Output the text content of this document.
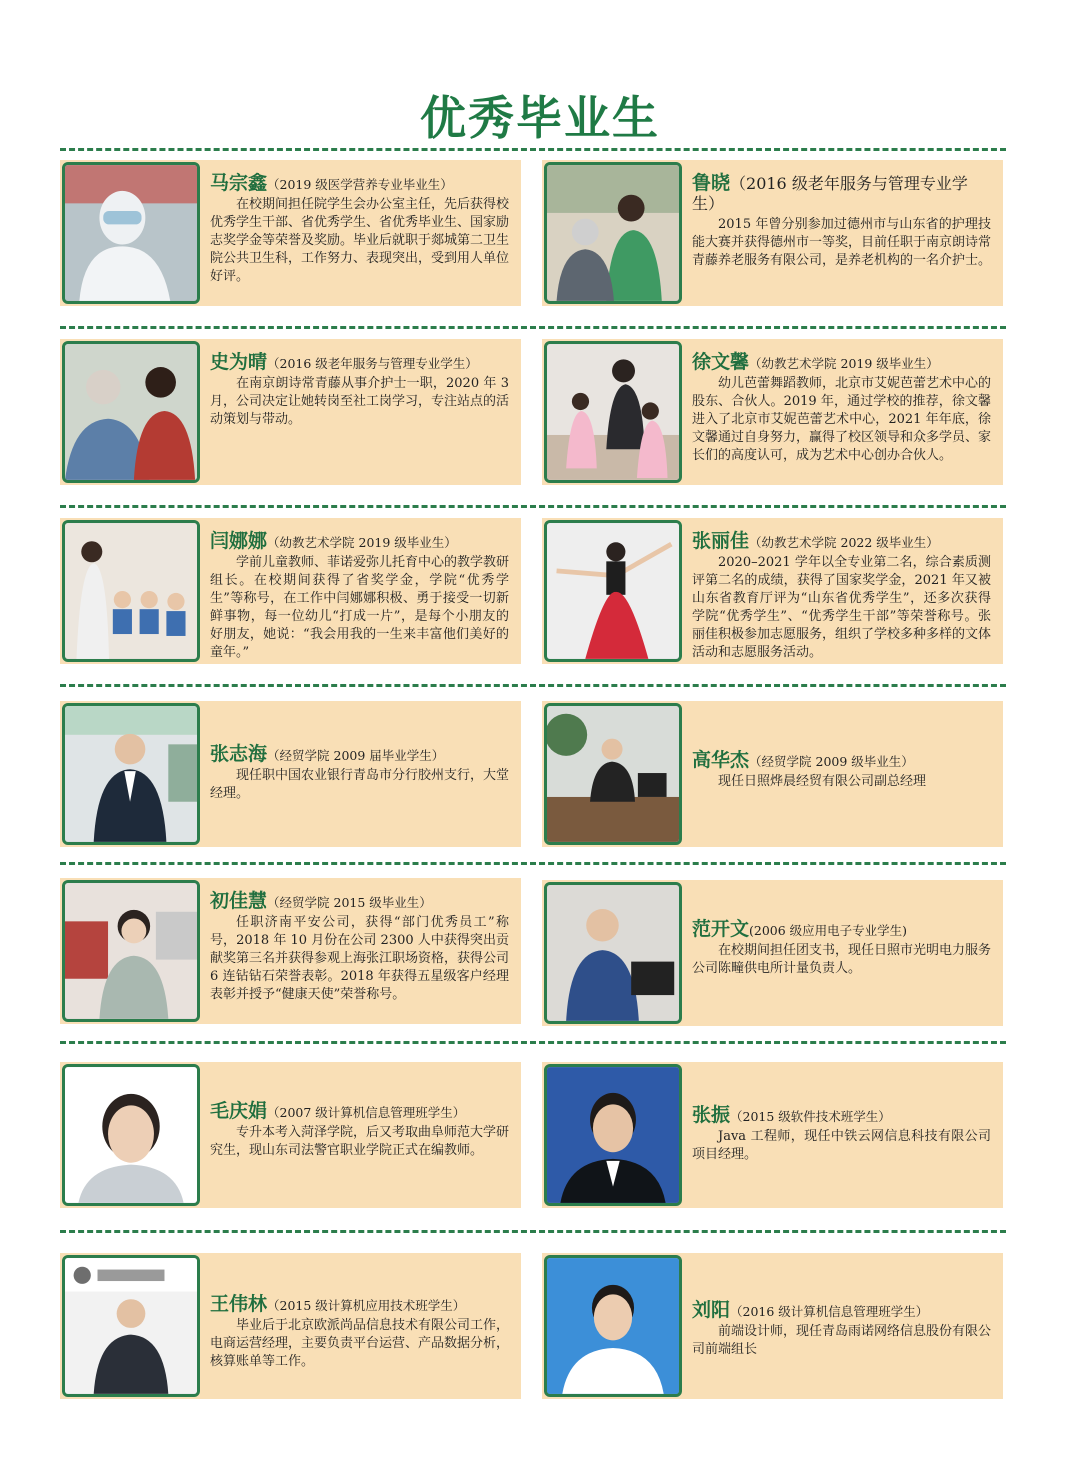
优秀毕业生
马宗鑫（2019 级医学营养专业毕业生）
在校期间担任院学生会办公室主任，先后获得校优秀学生干部、省优秀学生、省优秀毕业生、国家励志奖学金等荣誉及奖励。毕业后就职于郯城第二卫生院公共卫生科，工作努力、表现突出，受到用人单位好评。
鲁晓（2016 级老年服务与管理专业学生）
2015 年曾分别参加过德州市与山东省的护理技能大赛并获得德州市一等奖，目前任职于南京朗诗常青藤养老服务有限公司，是养老机构的一名介护士。
史为晴（2016 级老年服务与管理专业学生）
在南京朗诗常青藤从事介护士一职，2020 年 3 月，公司决定让她转岗至社工岗学习，专注站点的活动策划与带动。
徐文馨（幼教艺术学院 2019 级毕业生）
幼儿芭蕾舞蹈教师，北京市艾妮芭蕾艺术中心的股东、合伙人。2019 年，通过学校的推荐，徐文馨进入了北京市艾妮芭蕾艺术中心，2021 年年底，徐文馨通过自身努力，赢得了校区领导和众多学员、家长们的高度认可，成为艺术中心创办合伙人。
闫娜娜（幼教艺术学院 2019 级毕业生）
学前儿童教师、菲诺爱弥儿托育中心的教学教研组长。在校期间获得了省奖学金，学院“优秀学生”等称号，在工作中闫娜娜积极、勇于接受一切新鲜事物，每一位幼儿“打成一片”，是每个小朋友的好朋友，她说：“我会用我的一生来丰富他们美好的童年。”
张丽佳（幼教艺术学院 2022 级毕业生）
2020–2021 学年以全专业第二名，综合素质测评第二名的成绩，获得了国家奖学金，2021 年又被山东省教育厅评为“山东省优秀学生”，还多次获得学院“优秀学生”、“优秀学生干部”等荣誉称号。张丽佳积极参加志愿服务，组织了学校多种多样的文体活动和志愿服务活动。
张志海（经贸学院 2009 届毕业学生）
现任职中国农业银行青岛市分行胶州支行，大堂经理。
高华杰（经贸学院 2009 级毕业生）
现任日照烨晨经贸有限公司副总经理
初佳慧（经贸学院 2015 级毕业生）
任职济南平安公司，获得“部门优秀员工”称号，2018 年 10 月份在公司 2300 人中获得突出贡献奖第三名并获得参观上海张江职场资格，获得公司 6 连钻钻石荣誉表彰。2018 年获得五星级客户经理表彰并授予“健康天使”荣誉称号。
范开文(2006 级应用电子专业学生)
在校期间担任团支书，现任日照市光明电力服务公司陈疃供电所计量负责人。
毛庆娟（2007 级计算机信息管理班学生）
专升本考入菏泽学院，后又考取曲阜师范大学研究生，现山东司法警官职业学院正式在编教师。
张振（2015 级软件技术班学生）
Java 工程师，现任中铁云网信息科技有限公司项目经理。
王伟林（2015 级计算机应用技术班学生）
毕业后于北京欧派尚品信息技术有限公司工作，电商运营经理，主要负责平台运营、产品数据分析，核算账单等工作。
刘阳（2016 级计算机信息管理班学生）
前端设计师，现任青岛雨诺网络信息股份有限公司前端组长
